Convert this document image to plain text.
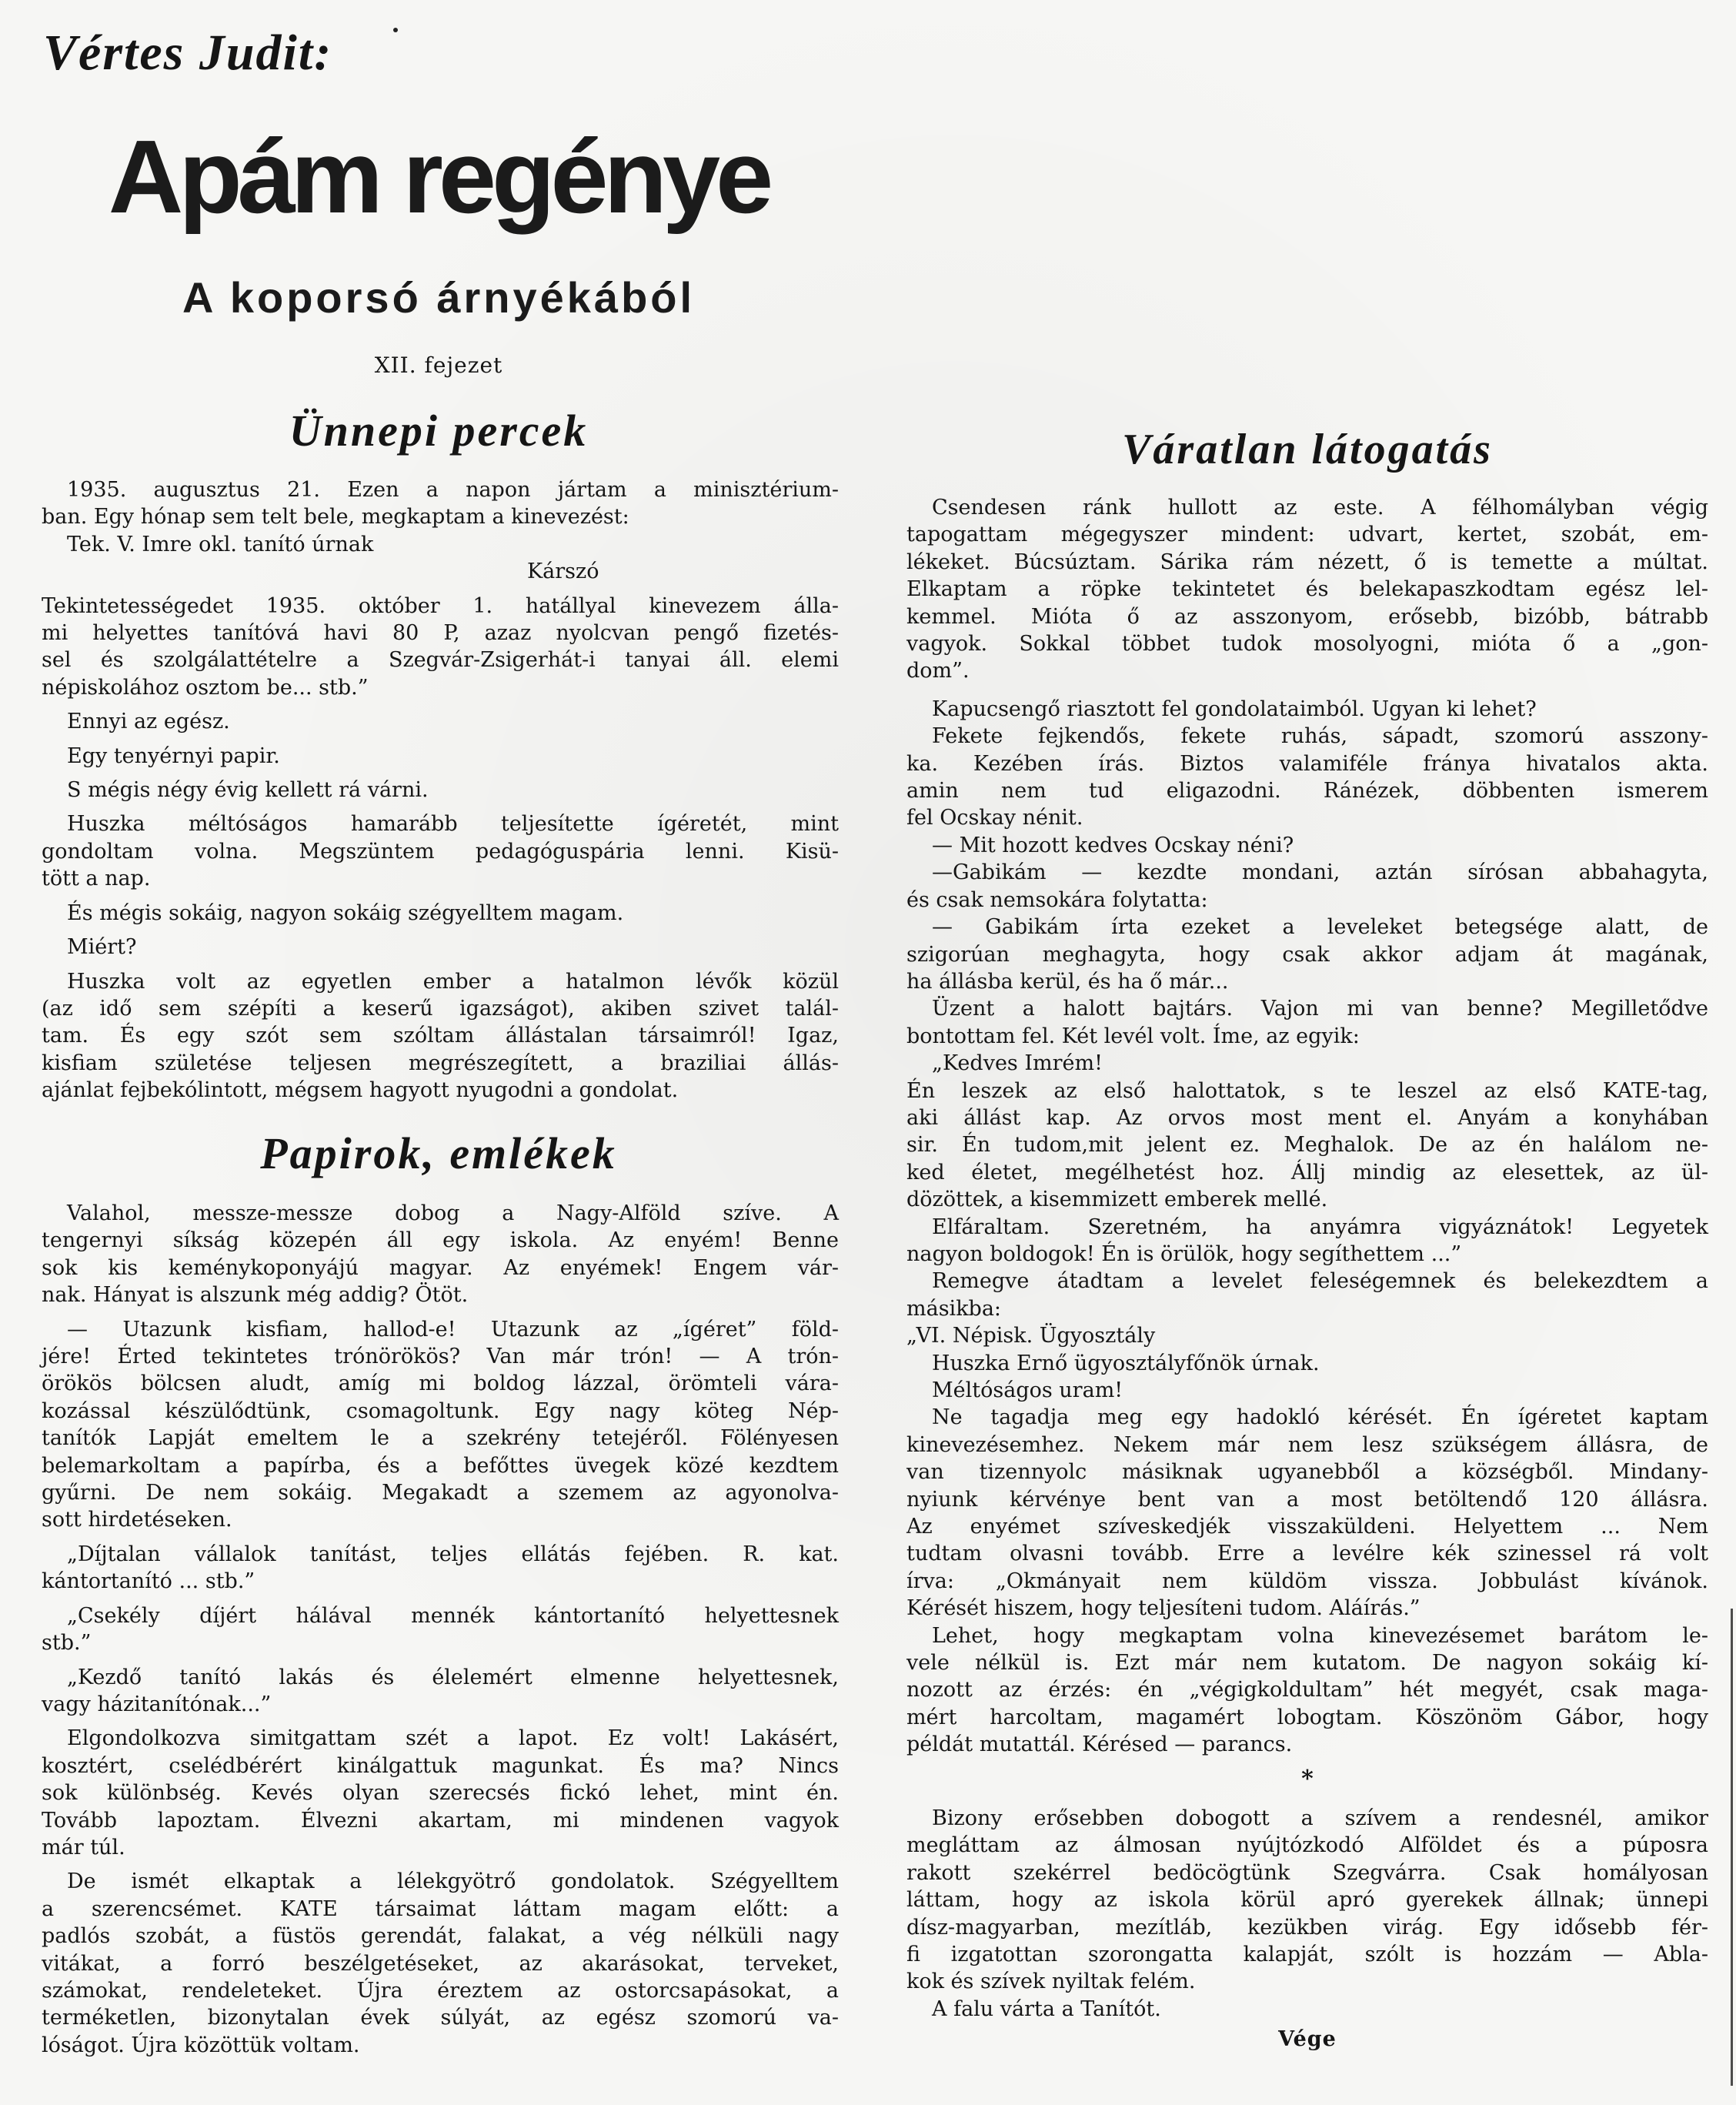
Vértes Judit:
Apám regénye
A koporsó árnyékából
XII. fejezet
Ünnepi percek
1935. augusztus 21. Ezen a napon jártam a minisztérium-
ban. Egy hónap sem telt bele, megkaptam a kinevezést:
Tek. V. Imre okl. tanító úrnak
Kárszó
Tekintetességedet 1935. október 1. hatállyal kinevezem álla-
mi helyettes tanítóvá havi 80 P, azaz nyolcvan pengő fizetés-
sel és szolgálattételre a Szegvár-Zsigerhát-i tanyai áll. elemi
népiskolához osztom be... stb.”
Ennyi az egész.
Egy tenyérnyi papir.
S mégis négy évig kellett rá várni.
Huszka méltóságos hamarább teljesítette ígéretét, mint
gondoltam volna. Megszüntem pedagóguspária lenni. Kisü-
tött a nap.
És mégis sokáig, nagyon sokáig szégyelltem magam.
Miért?
Huszka volt az egyetlen ember a hatalmon lévők közül
(az idő sem szépíti a keserű igazságot), akiben szivet talál-
tam. És egy szót sem szóltam állástalan társaimról! Igaz,
kisfiam születése teljesen megrészegített, a braziliai állás-
ajánlat fejbekólintott, mégsem hagyott nyugodni a gondolat.
Papirok, emlékek
Valahol, messze-messze dobog a Nagy-Alföld szíve. A
tengernyi síkság közepén áll egy iskola. Az enyém! Benne
sok kis keménykoponyájú magyar. Az enyémek! Engem vár-
nak. Hányat is alszunk még addig? Ötöt.
— Utazunk kisfiam, hallod-e! Utazunk az „ígéret” föld-
jére! Érted tekintetes trónörökös? Van már trón! — A trón-
örökös bölcsen aludt, amíg mi boldog lázzal, örömteli vára-
kozással készülődtünk, csomagoltunk. Egy nagy köteg Nép-
tanítók Lapját emeltem le a szekrény tetejéről. Fölényesen
belemarkoltam a papírba, és a befőttes üvegek közé kezdtem
gyűrni. De nem sokáig. Megakadt a szemem az agyonolva-
sott hirdetéseken.
„Díjtalan vállalok tanítást, teljes ellátás fejében. R. kat.
kántortanító ... stb.”
„Csekély díjért hálával mennék kántortanító helyettesnek
stb.”
„Kezdő tanító lakás és élelemért elmenne helyettesnek,
vagy házitanítónak...”
Elgondolkozva simitgattam szét a lapot. Ez volt! Lakásért,
kosztért, cselédbérért kinálgattuk magunkat. És ma? Nincs
sok különbség. Kevés olyan szerecsés fickó lehet, mint én.
Tovább lapoztam. Élvezni akartam, mi mindenen vagyok
már túl.
De ismét elkaptak a lélekgyötrő gondolatok. Szégyelltem
a szerencsémet. KATE társaimat láttam magam előtt: a
padlós szobát, a füstös gerendát, falakat, a vég nélküli nagy
vitákat, a forró beszélgetéseket, az akarásokat, terveket,
számokat, rendeleteket. Újra éreztem az ostorcsapásokat, a
terméketlen, bizonytalan évek súlyát, az egész szomorú va-
lóságot. Újra közöttük voltam.
Váratlan látogatás
Csendesen ránk hullott az este. A félhomályban végig
tapogattam mégegyszer mindent: udvart, kertet, szobát, em-
lékeket. Búcsúztam. Sárika rám nézett, ő is temette a múltat.
Elkaptam a röpke tekintetet és belekapaszkodtam egész lel-
kemmel. Mióta ő az asszonyom, erősebb, bizóbb, bátrabb
vagyok. Sokkal többet tudok mosolyogni, mióta ő a „gon-
dom”.
Kapucsengő riasztott fel gondolataimból. Ugyan ki lehet?
Fekete fejkendős, fekete ruhás, sápadt, szomorú asszony-
ka. Kezében írás. Biztos valamiféle fránya hivatalos akta.
amin nem tud eligazodni. Ránézek, döbbenten ismerem
fel Ocskay nénit.
— Mit hozott kedves Ocskay néni?
—Gabikám — kezdte mondani, aztán sírósan abbahagyta,
és csak nemsokára folytatta:
— Gabikám írta ezeket a leveleket betegsége alatt, de
szigorúan meghagyta, hogy csak akkor adjam át magának,
ha állásba kerül, és ha ő már...
Üzent a halott bajtárs. Vajon mi van benne? Megilletődve
bontottam fel. Két levél volt. Íme, az egyik:
„Kedves Imrém!
Én leszek az első halottatok, s te leszel az első KATE-tag,
aki állást kap. Az orvos most ment el. Anyám a konyhában
sir. Én tudom,mit jelent ez. Meghalok. De az én halálom ne-
ked életet, megélhetést hoz. Állj mindig az elesettek, az ül-
dözöttek, a kisemmizett emberek mellé.
Elfáraltam. Szeretném, ha anyámra vigyáznátok! Legyetek
nagyon boldogok! Én is örülök, hogy segíthettem ...”
Remegve átadtam a levelet feleségemnek és belekezdtem a
másikba:
„VI. Népisk. Ügyosztály
Huszka Ernő ügyosztályfőnök úrnak.
Méltóságos uram!
Ne tagadja meg egy hadokló kérését. Én ígéretet kaptam
kinevezésemhez. Nekem már nem lesz szükségem állásra, de
van tizennyolc másiknak ugyanebből a községből. Mindany-
nyiunk kérvénye bent van a most betöltendő 120 állásra.
Az enyémet szíveskedjék visszaküldeni. Helyettem ... Nem
tudtam olvasni tovább. Erre a levélre kék szinessel rá volt
írva: „Okmányait nem küldöm vissza. Jobbulást kívánok.
Kérését hiszem, hogy teljesíteni tudom. Aláírás.”
Lehet, hogy megkaptam volna kinevezésemet barátom le-
vele nélkül is. Ezt már nem kutatom. De nagyon sokáig kí-
nozott az érzés: én „végigkoldultam” hét megyét, csak maga-
mért harcoltam, magamért lobogtam. Köszönöm Gábor, hogy
példát mutattál. Kérésed — parancs.
*
Bizony erősebben dobogott a szívem a rendesnél, amikor
megláttam az álmosan nyújtózkodó Alföldet és a púposra
rakott szekérrel bedöcögtünk Szegvárra. Csak homályosan
láttam, hogy az iskola körül apró gyerekek állnak; ünnepi
dísz-magyarban, mezítláb, kezükben virág. Egy idősebb fér-
fi izgatottan szorongatta kalapját, szólt is hozzám — Abla-
kok és szívek nyiltak felém.
A falu várta a Tanítót.
Vége
